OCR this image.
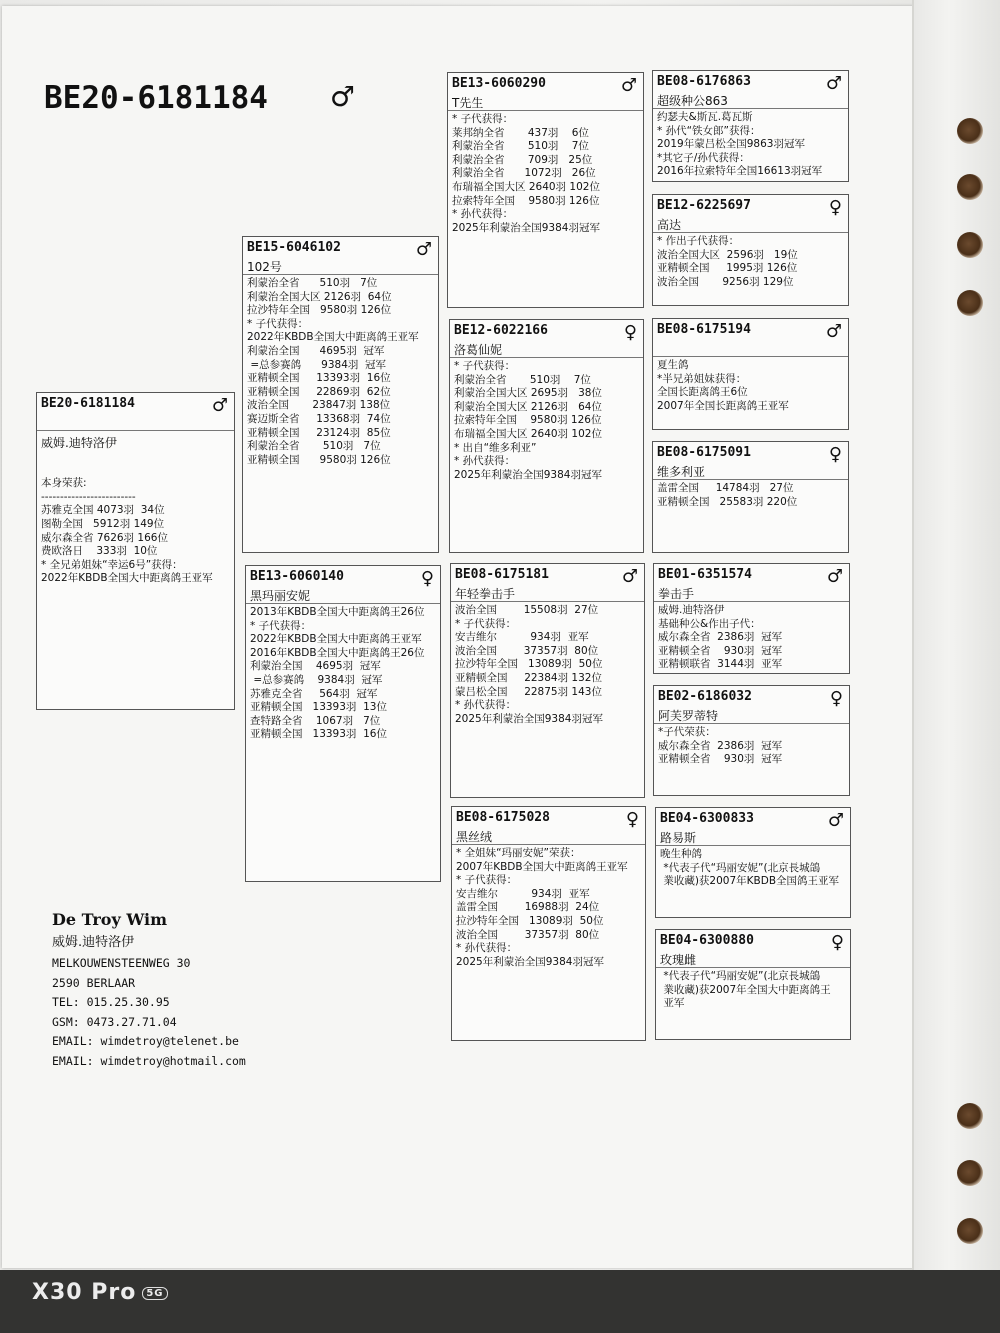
BE20-6181184 ♂
BE20-6181184	♂
威姆.迪特洛伊

本身荣获:
-------------------------
苏雅克全国 4073羽  34位
图勒全国   5912羽 149位
威尔森全省 7626羽 166位
费欧洛日    333羽  10位
* 全兄弟姐妹“幸运6号”获得：
2022年KBDB全国大中距离鸽王亚军
BE15-6046102	♂
102号
利蒙治全省      510羽   7位
利蒙治全国大区 2126羽  64位
拉沙特年全国   9580羽 126位
* 子代获得：
2022年KBDB全国大中距离鸽王亚军
利蒙治全国      4695羽  冠军
=总参赛鸽      9384羽  冠军
亚精顿全国     13393羽  16位
亚精顿全国     22869羽  62位
波治全国       23847羽 138位
赛迈斯全省     13368羽  74位
亚精顿全国     23124羽  85位
利蒙治全省       510羽   7位
亚精顿全国      9580羽 126位
BE13-6060140	♀
黑玛丽安妮
2013年KBDB全国大中距离鸽王26位
* 子代获得：
2022年KBDB全国大中距离鸽王亚军
2016年KBDB全国大中距离鸽王26位
利蒙治全国    4695羽  冠军
=总参赛鸽    9384羽  冠军
苏雅克全省     564羽  冠军
亚精顿全国   13393羽  13位
查特路全省    1067羽   7位
亚精顿全国   13393羽  16位
BE13-6060290	♂
T先生
* 子代获得：
莱邦纳全省       437羽    6位
利蒙治全省       510羽    7位
利蒙治全省       709羽   25位
利蒙治全省      1072羽   26位
布瑞福全国大区 2640羽 102位
拉索特年全国    9580羽 126位
* 孙代获得：
2025年利蒙治全国9384羽冠军
BE12-6022166	♀
洛葛仙妮
* 子代获得：
利蒙治全省       510羽    7位
利蒙治全国大区 2695羽   38位
利蒙治全国大区 2126羽   64位
拉索特年全国    9580羽 126位
布瑞福全国大区 2640羽 102位
* 出自“维多利亚”
* 孙代获得：
2025年利蒙治全国9384羽冠军
BE08-6175181	♂
年轻拳击手
波治全国        15508羽  27位
* 子代获得：
安吉维尔          934羽  亚军
波治全国        37357羽  80位
拉沙特年全国   13089羽  50位
亚精顿全国     22384羽 132位
蒙吕松全国     22875羽 143位
* 孙代获得：
2025年利蒙治全国9384羽冠军
BE08-6175028	♀
黑丝绒
* 全姐妹“玛丽安妮”荣获：
2007年KBDB全国大中距离鸽王亚军
* 子代获得：
安吉维尔          934羽  亚军
盖雷全国        16988羽  24位
拉沙特年全国   13089羽  50位
波治全国        37357羽  80位
* 孙代获得：
2025年利蒙治全国9384羽冠军
BE08-6176863	♂
超级种公863
约瑟夫&斯瓦.葛瓦斯
* 孙代“铁女郎”获得：
2019年蒙吕松全国9863羽冠军
*其它子/孙代获得：
2016年拉索特年全国16613羽冠军
BE12-6225697	♀
高达
* 作出子代获得：
波治全国大区  2596羽   19位
亚精顿全国     1995羽 126位
波治全国       9256羽 129位
BE08-6175194	♂
夏生鸽
*半兄弟姐妹获得：
全国长距离鸽王6位
2007年全国长距离鸽王亚军
BE08-6175091	♀
维多利亚
盖雷全国     14784羽   27位
亚精顿全国   25583羽 220位
BE01-6351574	♂
拳击手
威姆.迪特洛伊
基础种公&作出子代：
威尔森全省  2386羽  冠军
亚精顿全省    930羽  冠军
亚精顿联省  3144羽  亚军
BE02-6186032	♀
阿芙罗蒂特
*子代荣获：
威尔森全省  2386羽  冠军
亚精顿全省    930羽  冠军
BE04-6300833	♂
路易斯
晚生种鸽
*代表子代“玛丽安妮”(北京長城鴿
業收藏)获2007年KBDB全国鸽王亚军
BE04-6300880	♀
玫瑰雌
*代表子代“玛丽安妮”(北京長城鴿
業收藏)获2007年全国大中距离鸽王
亚军
De Troy Wim
威姆.迪特洛伊
MELKOUWENSTEENWEG 30
2590 BERLAAR
TEL: 015.25.30.95
GSM: 0473.27.71.04
EMAIL: wimdetroy@telenet.be
EMAIL: wimdetroy@hotmail.com
X30 Pro 5G
